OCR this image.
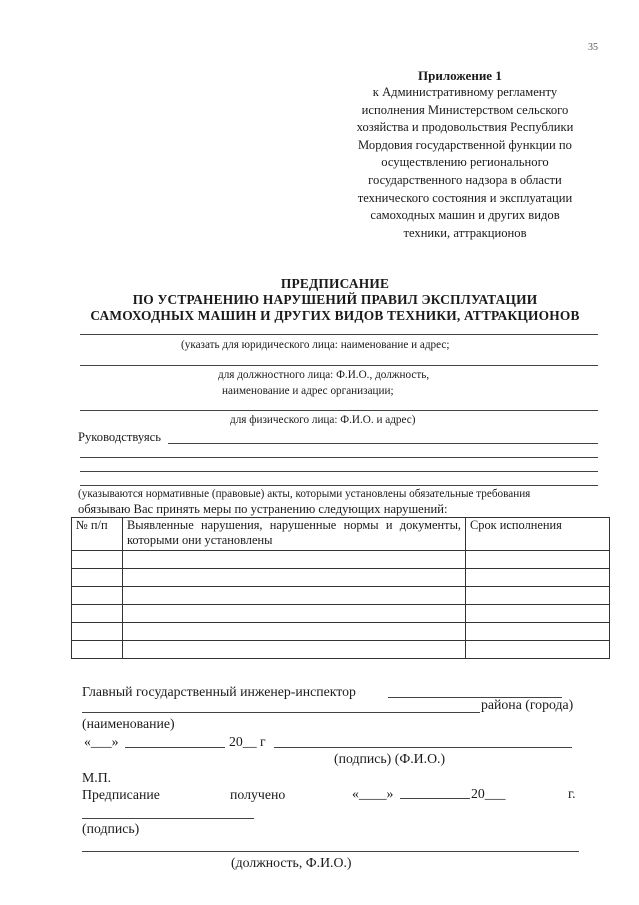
35
Приложение 1
к Административному регламенту
исполнения Министерством сельского
хозяйства и продовольствия Республики
Мордовия государственной функции по
осуществлению регионального
государственного надзора в области
технического состояния и эксплуатации
самоходных машин и других видов
техники, аттракционов
ПРЕДПИСАНИЕ
ПО УСТРАНЕНИЮ НАРУШЕНИЙ ПРАВИЛ ЭКСПЛУАТАЦИИ
САМОХОДНЫХ МАШИН И ДРУГИХ ВИДОВ ТЕХНИКИ, АТТРАКЦИОНОВ
(указать для юридического лица: наименование и адрес;
для должностного лица: Ф.И.О., должность,
наименование и адрес организации;
для физического лица: Ф.И.О. и адрес)
Руководствуясь
(указываются нормативные (правовые) акты, которыми установлены обязательные требования
обязываю Вас принять меры по устранению следующих нарушений:
№ п/п	Выявленные нарушения, нарушенные нормы и документы, которыми они установлены	Срок исполнения

Главный государственный инженер-инспектор
района (города)
(наименование)
«___»	20__ г
(подпись) (Ф.И.О.)
М.П.
Предписание	получено	«____»	20___	г.
(подпись)
(должность, Ф.И.О.)
